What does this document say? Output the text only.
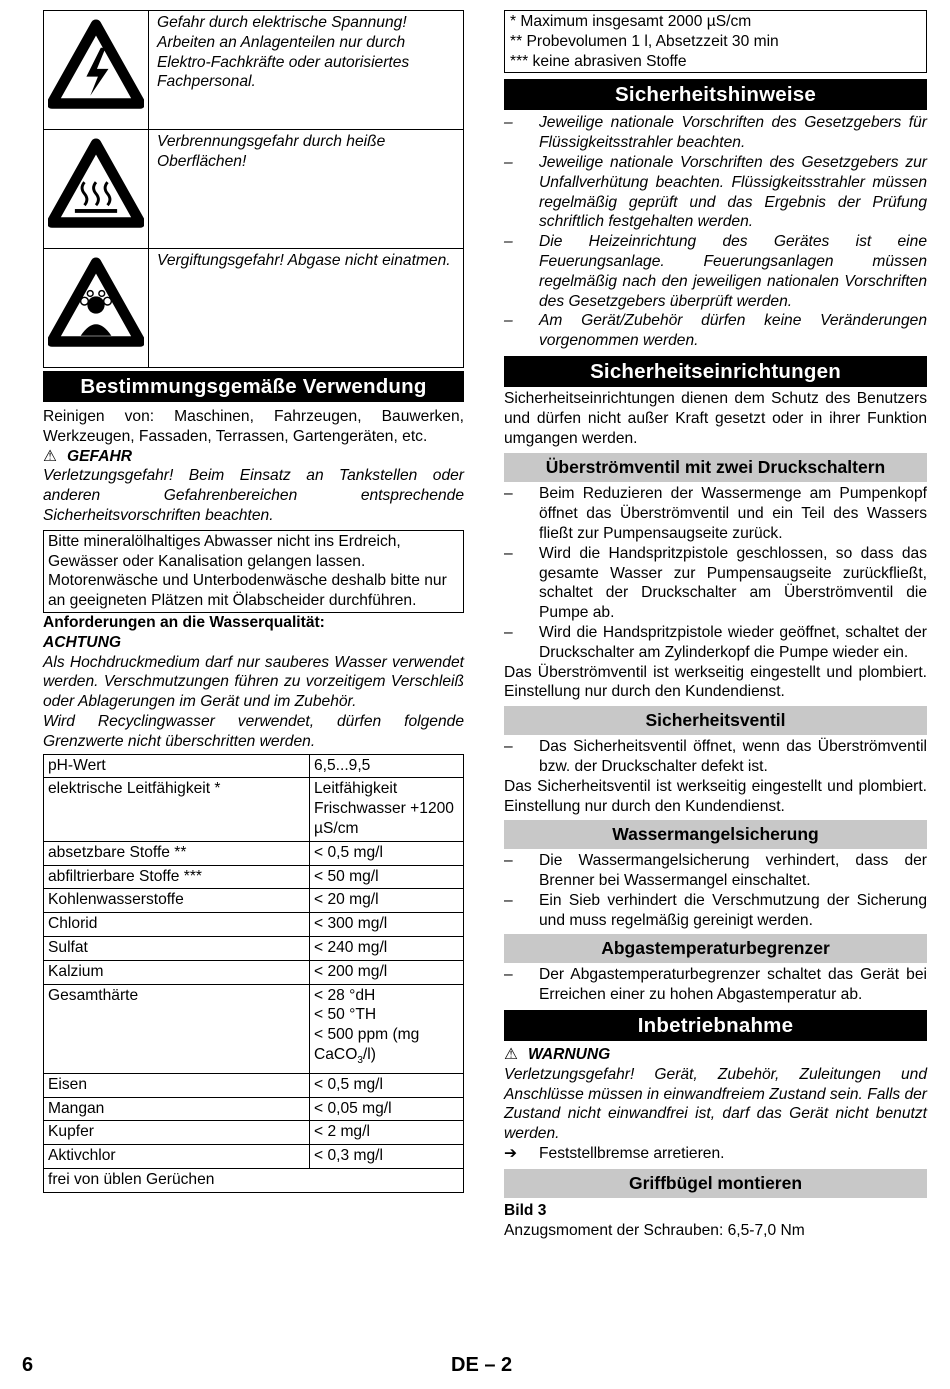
	Gefahr durch elektrische Spannung! Arbeiten an Anlagenteilen nur durch Elektro-Fachkräfte oder autorisiertes Fachpersonal.
	Verbrennungsgefahr durch heiße Oberflächen!
	Vergiftungsgefahr! Abgase nicht einatmen.
Bestimmungsgemäße Verwendung

Reinigen von: Maschinen, Fahrzeugen, Bauwerken, Werkzeugen, Fassaden, Terrassen, Gartengeräten, etc.

⚠ GEFAHR

Verletzungsgefahr! Beim Einsatz an Tankstellen oder anderen Gefahrenbereichen entsprechende Sicherheitsvorschriften beachten.

Bitte mineralölhaltiges Abwasser nicht ins Erdreich, Gewässer oder Kanalisation gelangen lassen. Motorenwäsche und Unterbodenwäsche deshalb bitte nur an geeigneten Plätzen mit Ölabscheider durchführen.

Anforderungen an die Wasserqualität:

ACHTUNG

Als Hochdruckmedium darf nur sauberes Wasser verwendet werden. Verschmutzungen führen zu vorzeitigem Verschleiß oder Ablagerungen im Gerät und im Zubehör.

Wird Recyclingwasser verwendet, dürfen folgende Grenzwerte nicht überschritten werden.

pH-Wert	6,5...9,5
elektrische Leitfähigkeit *	Leitfähigkeit Frischwasser +1200 µS/cm
absetzbare Stoffe **	< 0,5 mg/l
abfiltrierbare Stoffe ***	< 50 mg/l
Kohlenwasserstoffe	< 20 mg/l
Chlorid	< 300 mg/l
Sulfat	< 240 mg/l
Kalzium	< 200 mg/l
Gesamthärte	< 28 °dH
< 50 °TH
< 500 ppm (mg CaCO$_3$/l)

Eisen	< 0,5 mg/l
Mangan	< 0,05 mg/l
Kupfer	< 2 mg/l
Aktivchlor	< 0,3 mg/l
frei von üblen Gerüchen	
* Maximum insgesamt 2000 µS/cm
** Probevolumen 1 l, Absetzzeit 30 min
*** keine abrasiven Stoffe
Sicherheitshinweise
– Jeweilige nationale Vorschriften des Gesetzgebers für Flüssigkeitsstrahler beachten.
– Jeweilige nationale Vorschriften des Gesetzgebers zur Unfallverhütung beachten. Flüssigkeitsstrahler müssen regelmäßig geprüft und das Ergebnis der Prüfung schriftlich festgehalten werden.
– Die Heizeinrichtung des Gerätes ist eine Feuerungsanlage. Feuerungsanlagen müssen regelmäßig nach den jeweiligen nationalen Vorschriften des Gesetzgebers überprüft werden.
– Am Gerät/Zubehör dürfen keine Veränderungen vorgenommen werden.
Sicherheitseinrichtungen

Sicherheitseinrichtungen dienen dem Schutz des Benutzers und dürfen nicht außer Kraft gesetzt oder in ihrer Funktion umgangen werden.

Überströmventil mit zwei Druckschaltern
– Beim Reduzieren der Wassermenge am Pumpenkopf öffnet das Überströmventil und ein Teil des Wassers fließt zur Pumpensaugseite zurück.
– Wird die Handspritzpistole geschlossen, so dass das gesamte Wasser zur Pumpensaugseite zurückfließt, schaltet der Druckschalter am Überströmventil die Pumpe ab.
– Wird die Handspritzpistole wieder geöffnet, schaltet der Druckschalter am Zylinderkopf die Pumpe wieder ein.

Das Überströmventil ist werkseitig eingestellt und plombiert. Einstellung nur durch den Kundendienst.

Sicherheitsventil
– Das Sicherheitsventil öffnet, wenn das Überströmventil bzw. der Druckschalter defekt ist.

Das Sicherheitsventil ist werkseitig eingestellt und plombiert. Einstellung nur durch den Kundendienst.

Wassermangelsicherung
– Die Wassermangelsicherung verhindert, dass der Brenner bei Wassermangel einschaltet.
– Ein Sieb verhindert die Verschmutzung der Sicherung und muss regelmäßig gereinigt werden.
Abgastemperaturbegrenzer
– Der Abgastemperaturbegrenzer schaltet das Gerät bei Erreichen einer zu hohen Abgastemperatur ab.
Inbetriebnahme

⚠ WARNUNG

Verletzungsgefahr! Gerät, Zubehör, Zuleitungen und Anschlüsse müssen in einwandfreiem Zustand sein. Falls der Zustand nicht einwandfrei ist, darf das Gerät nicht benutzt werden.

➔ Feststellbremse arretieren.

Griffbügel montieren

Bild 3

Anzugsmoment der Schrauben: 6,5-7,0 Nm

6	DE – 2
